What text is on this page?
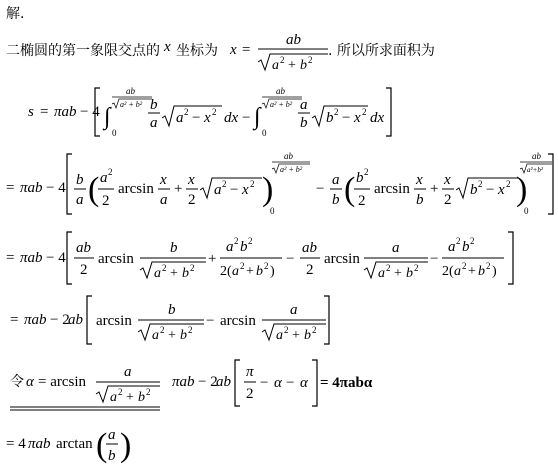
解.
二椭圆的第一象限交点的 x 坐标为 x =
ab
a 2 + b 2
. 所以所求面积为
s = πab − 4 ∫
0
ab
a² + b² b
a a 2 − x 2 dx − ∫
0
ab
a² + b² a
b b 2 − x 2 dx
= πab − 4 b
a ( a 2
2
arcsin
x
a
+
x
2
a 2 − x 2 )
0
ab
a² + b²
−
a
b ( b 2
2
arcsin
x
b
+
x
2
b 2 − x 2 )
0
ab
a²+b²
= πab − 4
ab
2
arcsin
b
a 2 + b 2
+
a 2 b 2
2( a 2 + b 2 )
−
ab
2
arcsin
a
a 2 + b 2
−
a 2 b 2
2( a 2 + b 2 )
= πab − 2
ab arcsin
b
a 2 + b 2
− arcsin
a
a 2 + b 2
令 α = arcsin
a
a 2 + b 2
πab − 2
ab
π
2
− α − α = 4πabα
= 4 πab arctan ( a
b )
